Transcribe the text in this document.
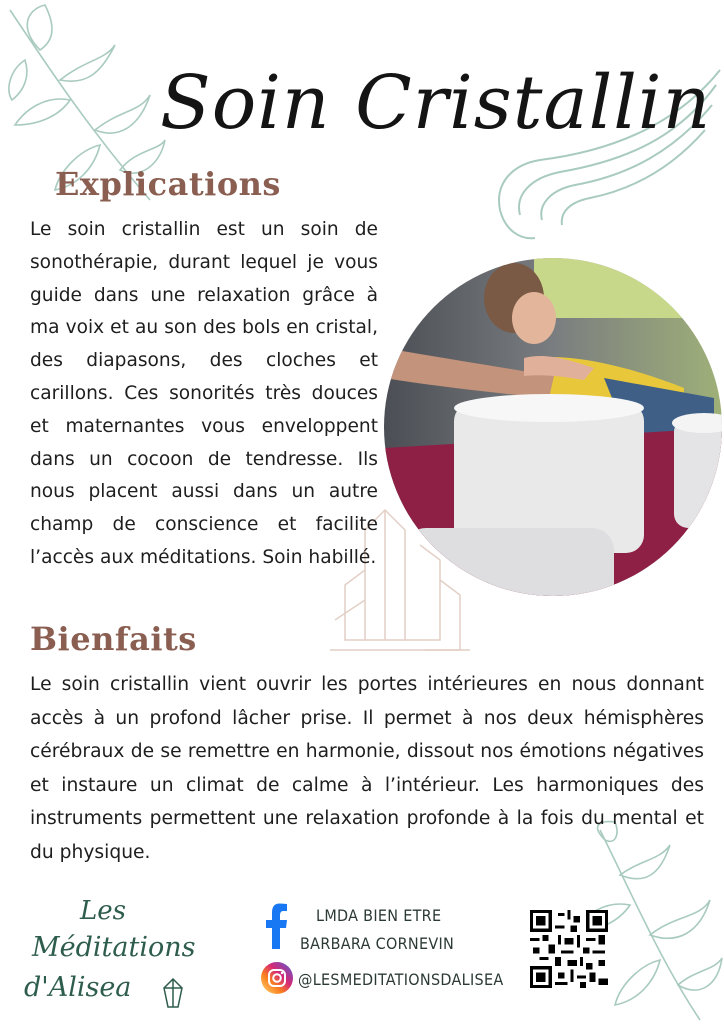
Soin Cristallin
Explications
Le soin cristallin est un soin de sonothérapie, durant lequel je vous guide dans une relaxation grâce à ma voix et au son des bols en cristal, des diapasons, des cloches et carillons. Ces sonorités très douces et maternantes vous enveloppent dans un cocoon de tendresse. Ils nous placent aussi dans un autre champ de conscience et facilite l’accès aux méditations. Soin habillé.
Bienfaits
Le soin cristallin vient ouvrir les portes intérieures en nous donnant accès à un profond lâcher prise. Il permet à nos deux hémisphères cérébraux de se remettre en harmonie, dissout nos émotions négatives et instaure un climat de calme à l’intérieur. Les harmoniques des instruments permettent une relaxation profonde à la fois du mental et du physique.
Les
Méditations
d'Alisea
LMDA BIEN ETRE
BARBARA CORNEVIN
@LESMEDITATIONSDALISEA
